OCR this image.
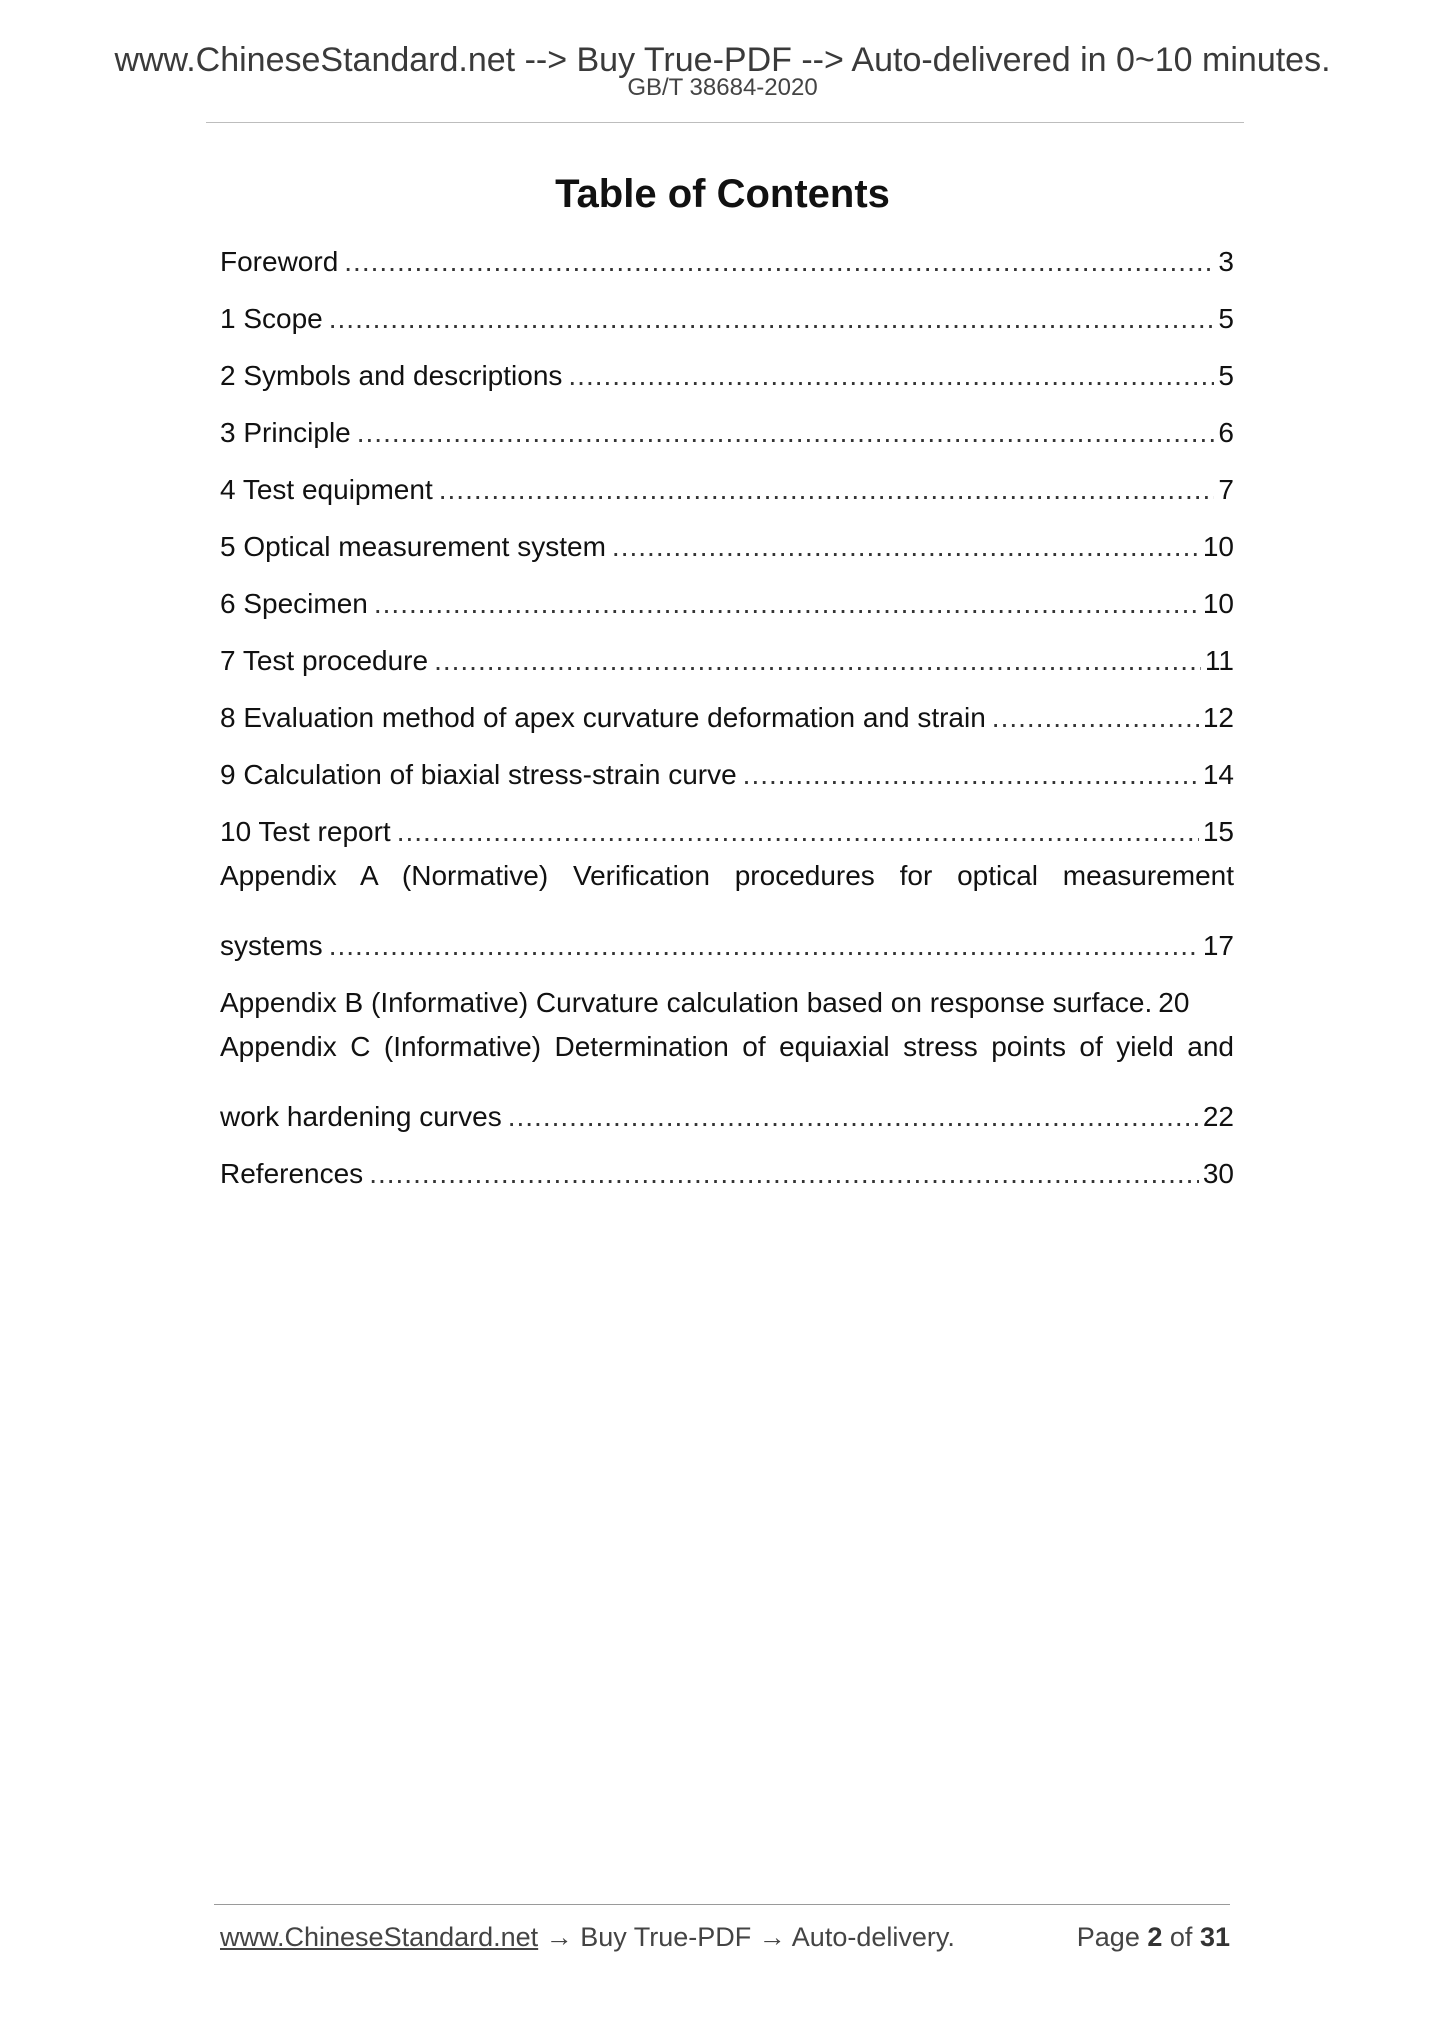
www.ChineseStandard.net --> Buy True-PDF --> Auto-delivered in 0~10 minutes.
GB/T 38684-2020
Table of Contents
Foreword .....	3
1 Scope .....	5
2 Symbols and descriptions .....	5
3 Principle .....	6
4 Test equipment .....	7
5 Optical measurement system .....	10
6 Specimen .....	10
7 Test procedure .....	11
8 Evaluation method of apex curvature deformation and strain .....	12
9 Calculation of biaxial stress-strain curve .....	14
10 Test report .....	15
Appendix A (Normative) Verification procedures for optical measurement
systems .....	17
Appendix B (Informative) Curvature calculation based on response surface. 20
Appendix C (Informative) Determination of equiaxial stress points of yield and
work hardening curves .....	22
References .....	30
www.ChineseStandard.net → Buy True-PDF → Auto-delivery.	Page 2 of 31
